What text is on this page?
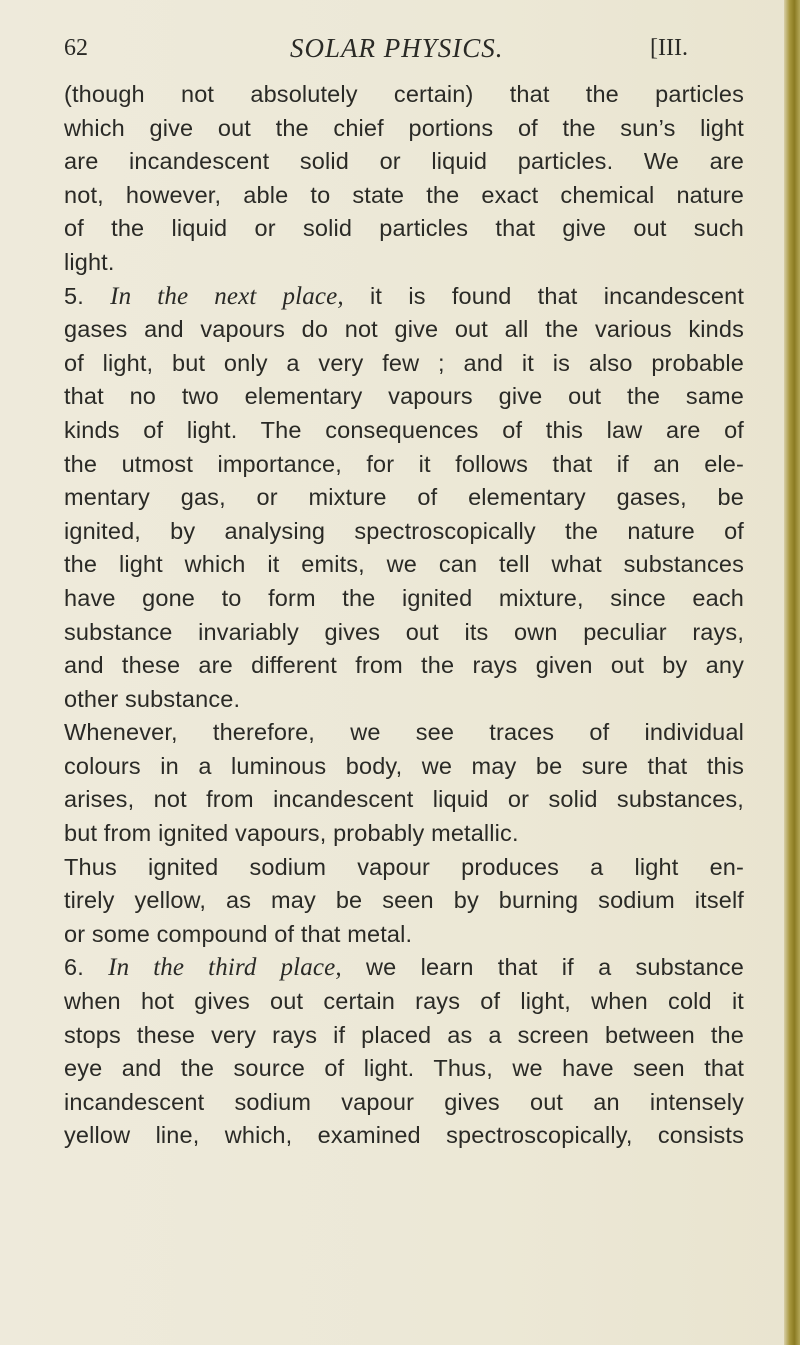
62	SOLAR PHYSICS.	[III.
(though not absolutely certain) that the particles
which give out the chief portions of the sun’s light
are incandescent solid or liquid particles. We are
not, however, able to state the exact chemical nature
of the liquid or solid particles that give out such
light.
5. In the next place, it is found that incandescent
gases and vapours do not give out all the various kinds
of light, but only a very few ; and it is also probable
that no two elementary vapours give out the same
kinds of light. The consequences of this law are of
the utmost importance, for it follows that if an ele-
mentary gas, or mixture of elementary gases, be
ignited, by analysing spectroscopically the nature of
the light which it emits, we can tell what substances
have gone to form the ignited mixture, since each
substance invariably gives out its own peculiar rays,
and these are different from the rays given out by any
other substance.
Whenever, therefore, we see traces of individual
colours in a luminous body, we may be sure that this
arises, not from incandescent liquid or solid substances,
but from ignited vapours, probably metallic.
Thus ignited sodium vapour produces a light en-
tirely yellow, as may be seen by burning sodium itself
or some compound of that metal.
6. In the third place, we learn that if a substance
when hot gives out certain rays of light, when cold it
stops these very rays if placed as a screen between the
eye and the source of light. Thus, we have seen that
incandescent sodium vapour gives out an intensely
yellow line, which, examined spectroscopically, consists
